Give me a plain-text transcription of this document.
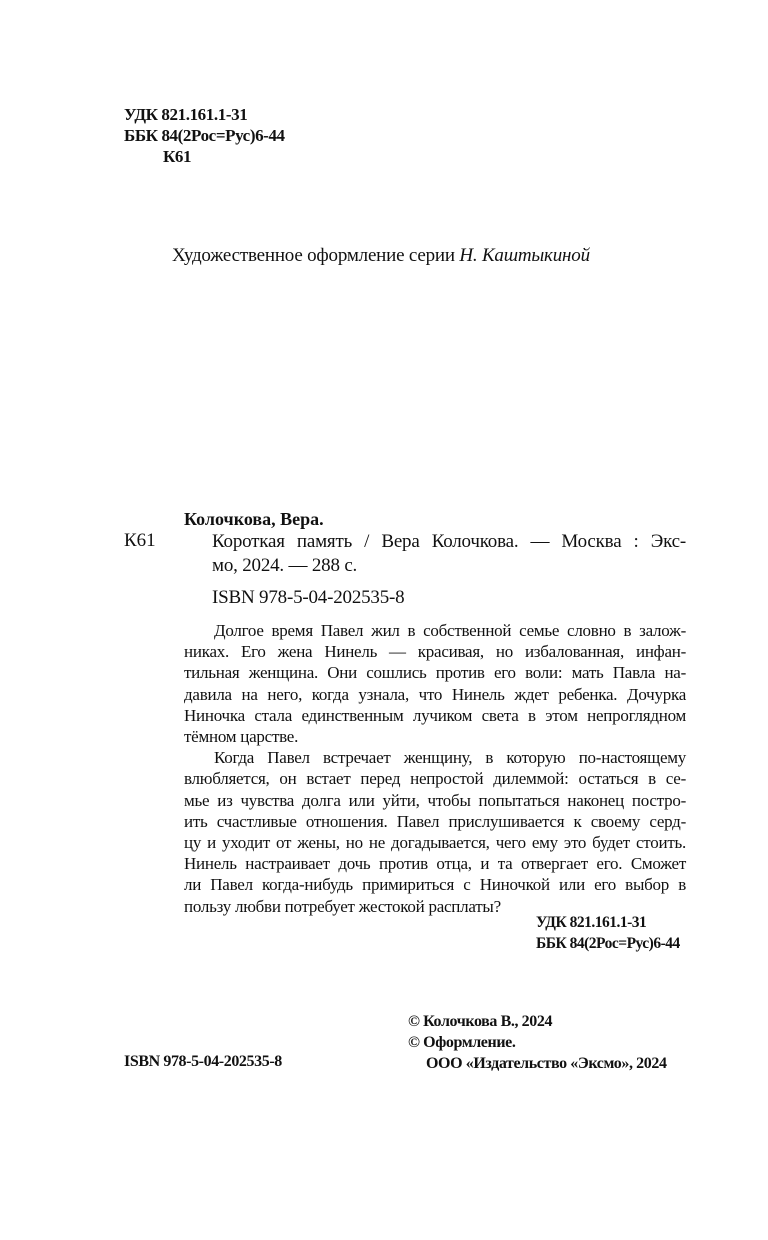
УДК 821.161.1-31
ББК 84(2Рос=Рус)6-44
К61
Художественное оформление серии Н. Каштыкиной
Колочкова, Вера.
К61	Короткая память / Вера Колочкова. — Москва : Экс-
мо, 2024. — 288 с.
ISBN 978-5-04-202535-8
Долгое время Павел жил в собственной семье словно в залож-
никах. Его жена Нинель — красивая, но избалованная, инфан-
тильная женщина. Они сошлись против его воли: мать Павла на-
давила на него, когда узнала, что Нинель ждет ребенка. Дочурка
Ниночка стала единственным лучиком света в этом непроглядном
тёмном царстве.
Когда Павел встречает женщину, в которую по-настоящему
влюбляется, он встает перед непростой дилеммой: остаться в се-
мье из чувства долга или уйти, чтобы попытаться наконец постро-
ить счастливые отношения. Павел прислушивается к своему серд-
цу и уходит от жены, но не догадывается, чего ему это будет стоить.
Нинель настраивает дочь против отца, и та отвергает его. Сможет
ли Павел когда-нибудь примириться с Ниночкой или его выбор в
пользу любви потребует жестокой расплаты?
УДК 821.161.1-31
ББК 84(2Рос=Рус)6-44
© Колочкова В., 2024
© Оформление.
ООО «Издательство «Эксмо», 2024
ISBN 978-5-04-202535-8
